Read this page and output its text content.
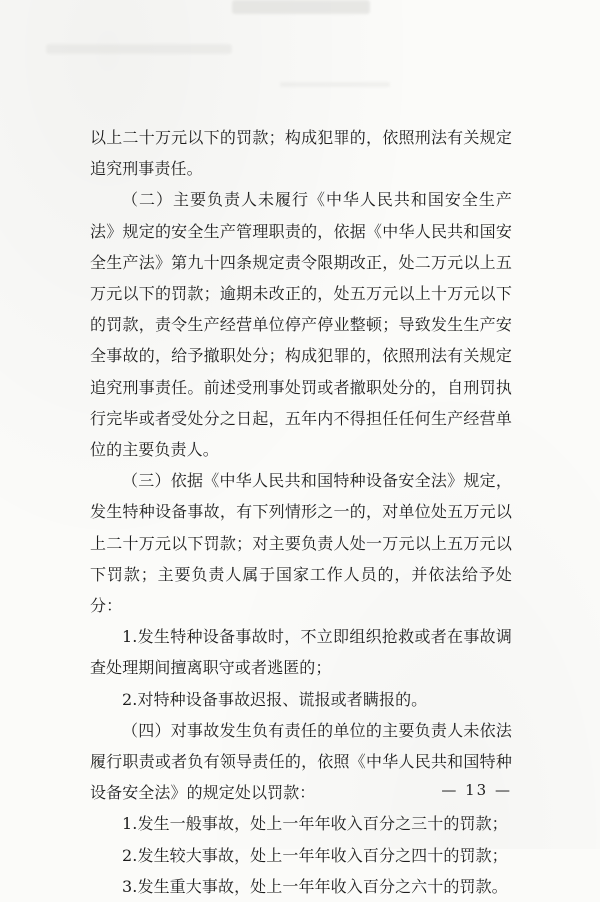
以上二十万元以下的罚款；构成犯罪的，依照刑法有关规定追究刑事责任。

（二）主要负责人未履行《中华人民共和国安全生产法》规定的安全生产管理职责的，依据《中华人民共和国安全生产法》第九十四条规定责令限期改正，处二万元以上五万元以下的罚款；逾期未改正的，处五万元以上十万元以下的罚款，责令生产经营单位停产停业整顿；导致发生生产安全事故的，给予撤职处分；构成犯罪的，依照刑法有关规定追究刑事责任。前述受刑事处罚或者撤职处分的，自刑罚执行完毕或者受处分之日起，五年内不得担任任何生产经营单位的主要负责人。

（三）依据《中华人民共和国特种设备安全法》规定，发生特种设备事故，有下列情形之一的，对单位处五万元以上二十万元以下罚款；对主要负责人处一万元以上五万元以下罚款；主要负责人属于国家工作人员的，并依法给予处分：

1.发生特种设备事故时，不立即组织抢救或者在事故调查处理期间擅离职守或者逃匿的；

2.对特种设备事故迟报、谎报或者瞒报的。

（四）对事故发生负有责任的单位的主要负责人未依法履行职责或者负有领导责任的，依照《中华人民共和国特种设备安全法》的规定处以罚款：

1.发生一般事故，处上一年年收入百分之三十的罚款；

2.发生较大事故，处上一年年收入百分之四十的罚款；

3.发生重大事故，处上一年年收入百分之六十的罚款。

— 13 —
